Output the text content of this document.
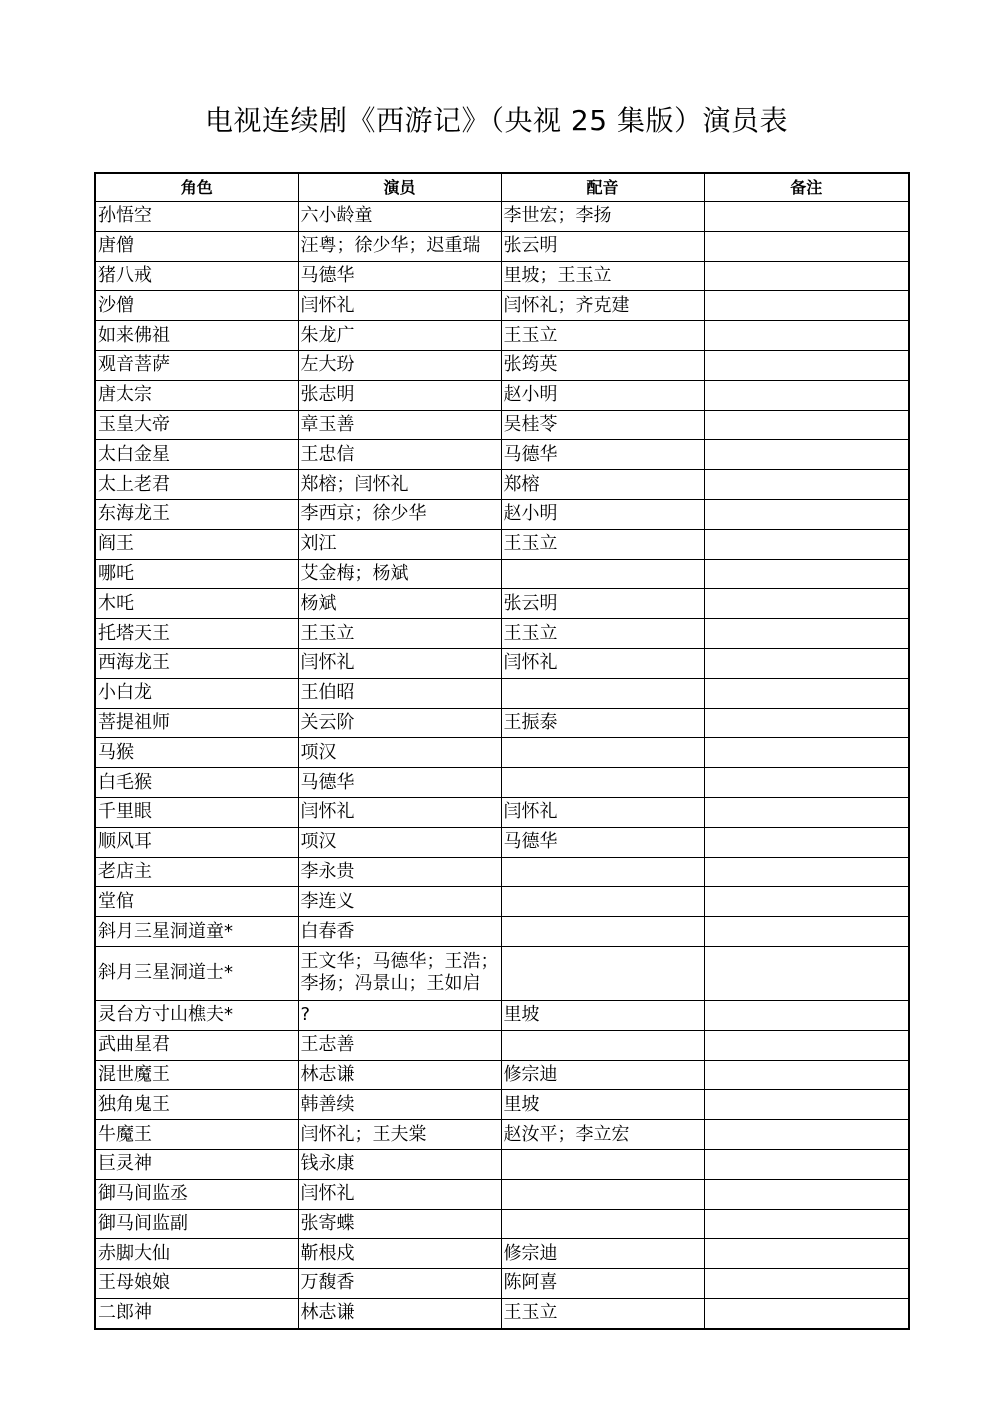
电视连续剧《西游记》（央视 25 集版）演员表
角色	演员	配音	备注
孙悟空	六小龄童	李世宏；李扬	
唐僧	汪粤；徐少华；迟重瑞	张云明	
猪八戒	马德华	里坡；王玉立	
沙僧	闫怀礼	闫怀礼；齐克建	
如来佛祖	朱龙广	王玉立	
观音菩萨	左大玢	张筠英	
唐太宗	张志明	赵小明	
玉皇大帝	章玉善	吴桂苓	
太白金星	王忠信	马德华	
太上老君	郑榕；闫怀礼	郑榕	
东海龙王	李西京；徐少华	赵小明	
阎王	刘江	王玉立	
哪吒	艾金梅；杨斌		

木吒	杨斌	张云明	
托塔天王	王玉立	王玉立	
西海龙王	闫怀礼	闫怀礼	
小白龙	王伯昭		

菩提祖师	关云阶	王振泰	
马猴	项汉		

白毛猴	马德华		

千里眼	闫怀礼	闫怀礼	
顺风耳	项汉	马德华	
老店主	李永贵		

堂倌	李连义		

斜月三星洞道童*	白春香		

斜月三星洞道士*	王文华；马德华；王浩；
李扬；冯景山；王如启		

灵台方寸山樵夫*	?	里坡	
武曲星君	王志善		

混世魔王	林志谦	修宗迪	
独角鬼王	韩善续	里坡	
牛魔王	闫怀礼；王夫棠	赵汝平；李立宏	
巨灵神	钱永康		

御马间监丞	闫怀礼		

御马间监副	张寄蝶		

赤脚大仙	靳根戍	修宗迪	
王母娘娘	万馥香	陈阿喜	
二郎神	林志谦	王玉立	
